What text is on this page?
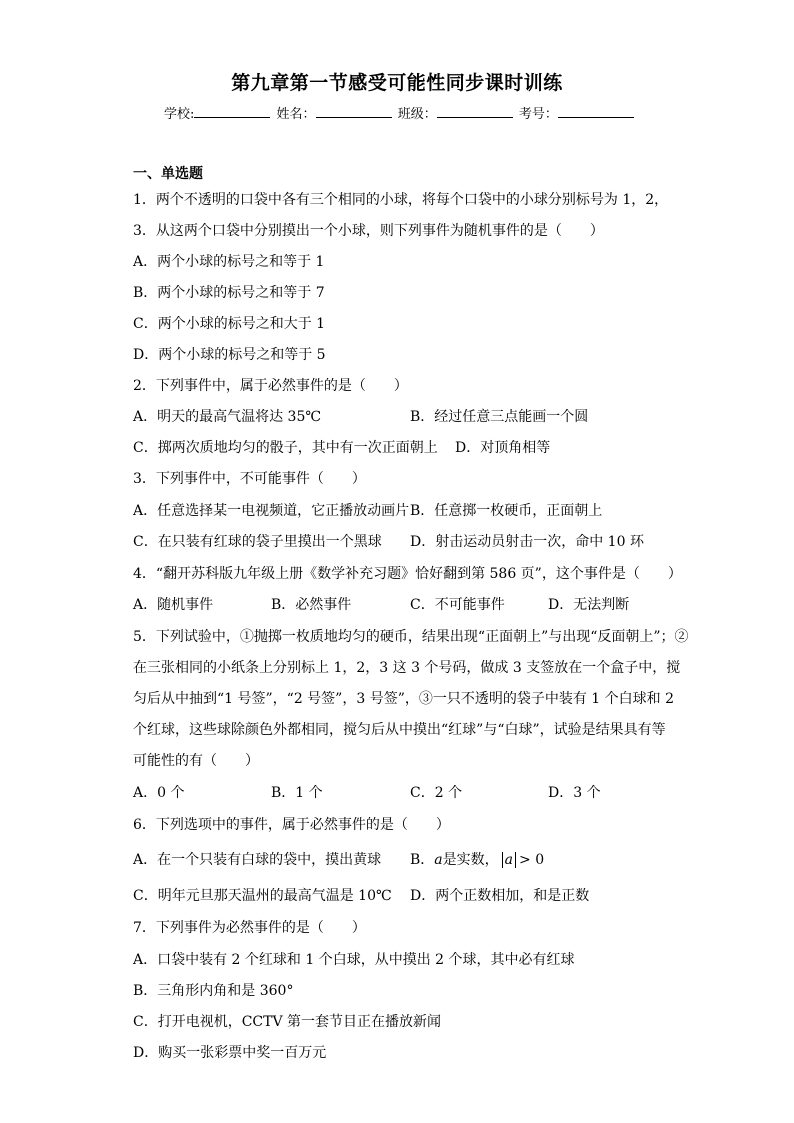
第九章第一节感受可能性同步课时训练
学校:	姓名：	班级：	考号：
一、单选题
1．两个不透明的口袋中各有三个相同的小球，将每个口袋中的小球分别标号为 1，2，
3．从这两个口袋中分别摸出一个小球，则下列事件为随机事件的是（　　）
A．两个小球的标号之和等于 1
B．两个小球的标号之和等于 7
C．两个小球的标号之和大于 1
D．两个小球的标号之和等于 5
2．下列事件中，属于必然事件的是（　　）
A．明天的最高气温将达 35℃	B．经过任意三点能画一个圆
C．掷两次质地均匀的骰子，其中有一次正面朝上 D．对顶角相等
3．下列事件中，不可能事件（　　）
A．任意选择某一电视频道，它正播放动画片 B．任意掷一枚硬币，正面朝上
C．在只装有红球的袋子里摸出一个黑球 D．射击运动员射击一次，命中 10 环
4．“翻开苏科版九年级上册《数学补充习题》恰好翻到第 586 页”，这个事件是（　　）
A．随机事件	B．必然事件	C．不可能事件	D．无法判断
5．下列试验中，①抛掷一枚质地均匀的硬币，结果出现“正面朝上”与出现“反面朝上”；②
在三张相同的小纸条上分别标上 1，2，3 这 3 个号码，做成 3 支签放在一个盒子中，搅
匀后从中抽到“1 号签”，“2 号签”，3 号签”，③一只不透明的袋子中装有 1 个白球和 2
个红球，这些球除颜色外都相同，搅匀后从中摸出“红球”与“白球”，试验是结果具有等
可能性的有（　　）
A．0 个	B．1 个	C．2 个	D．3 个
6．下列选项中的事件，属于必然事件的是（　　）
A．在一个只装有白球的袋中，摸出黄球 B．a是实数， a > 0
C．明年元旦那天温州的最高气温是 10℃ D．两个正数相加，和是正数
7．下列事件为必然事件的是（　　）
A．口袋中装有 2 个红球和 1 个白球，从中摸出 2 个球，其中必有红球
B．三角形内角和是 360°
C．打开电视机，CCTV 第一套节目正在播放新闻
D．购买一张彩票中奖一百万元
